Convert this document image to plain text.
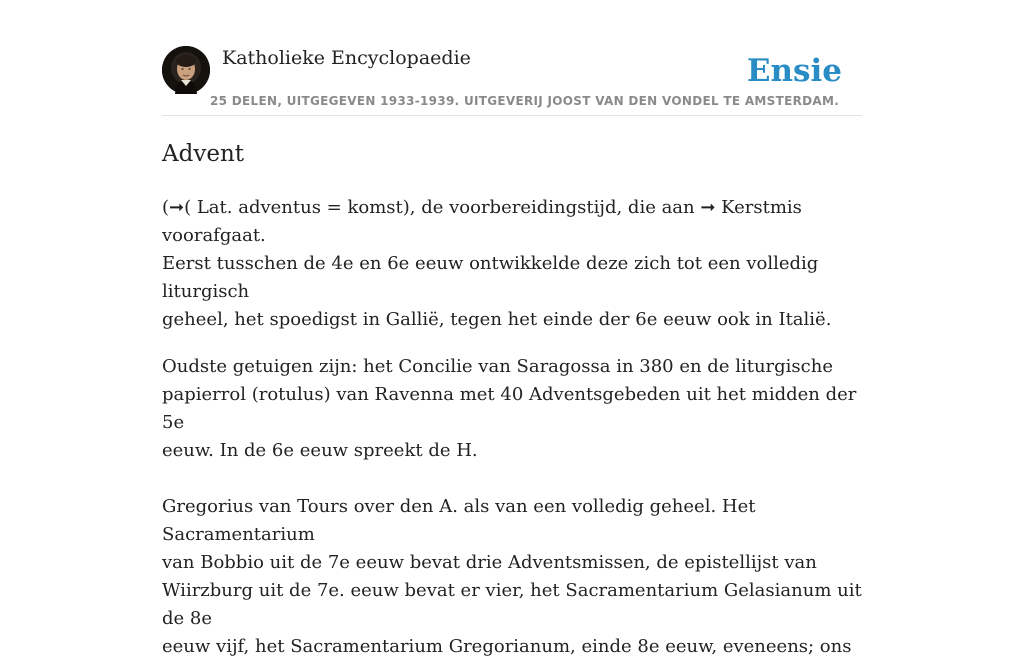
Katholieke Encyclopaedie
25 DELEN, UITGEGEVEN 1933-1939. UITGEVERIJ JOOST VAN DEN VONDEL TE AMSTERDAM.
Ensie
Advent

(➞( Lat. adventus = komst), de voorbereidingstijd, die aan ➞ Kerstmis voorafgaat.
Eerst tusschen de 4e en 6e eeuw ontwikkelde deze zich tot een volledig liturgisch
geheel, het spoedigst in Gallië, tegen het einde der 6e eeuw ook in Italië.

Oudste getuigen zijn: het Concilie van Saragossa in 380 en de liturgische
papierrol (rotulus) van Ravenna met 40 Adventsgebeden uit het midden der 5e
eeuw. In de 6e eeuw spreekt de H.

Gregorius van Tours over den A. als van een volledig geheel. Het Sacramentarium
van Bobbio uit de 7e eeuw bevat drie Adventsmissen, de epistellijst van
Wiirzburg uit de 7e. eeuw bevat er vier, het Sacramentarium Gelasianum uit de 8e
eeuw vijf, het Sacramentarium Gregorianum, einde 8e eeuw, eveneens; ons
